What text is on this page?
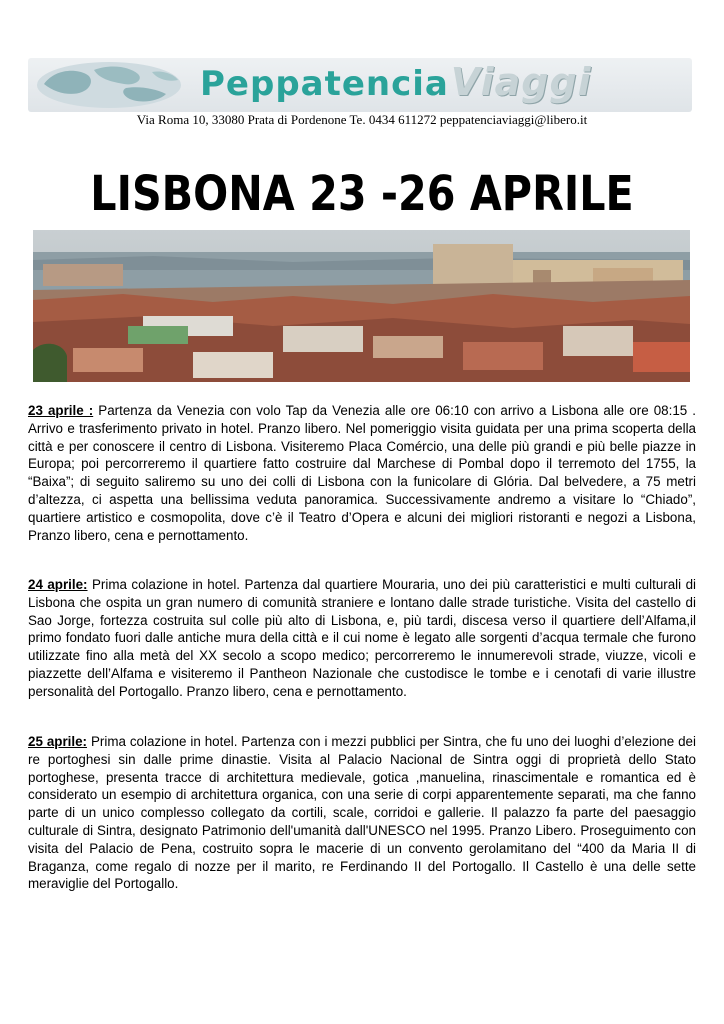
PeppatenciaViaggi
Via Roma 10, 33080 Prata di Pordenone Te. 0434 611272 peppatenciaviaggi@libero.it
LISBONA 23 -26 APRILE
23 aprile : Partenza da Venezia con volo Tap da Venezia alle ore 06:10 con arrivo a Lisbona alle ore 08:15 . Arrivo e trasferimento privato in hotel. Pranzo libero. Nel pomeriggio visita guidata per una prima scoperta della città e per conoscere il centro di Lisbona. Visiteremo Placa Comércio, una delle più grandi e più belle piazze in Europa; poi percorreremo il quartiere fatto costruire dal Marchese di Pombal dopo il terremoto del 1755, la “Baixa”; di seguito saliremo su uno dei colli di Lisbona con la funicolare di Glória. Dal belvedere, a 75 metri d’altezza, ci aspetta una bellissima veduta panoramica. Successivamente andremo a visitare lo “Chiado”, quartiere artistico e cosmopolita, dove c’è il Teatro d’Opera e alcuni dei migliori ristoranti e negozi a Lisbona, Pranzo libero, cena e pernottamento.
24 aprile: Prima colazione in hotel. Partenza dal quartiere Mouraria, uno dei più caratteristici e multi culturali di Lisbona che ospita un gran numero di comunità straniere e lontano dalle strade turistiche. Visita del castello di Sao Jorge, fortezza costruita sul colle più alto di Lisbona, e, più tardi, discesa verso il quartiere dell’Alfama,il primo fondato fuori dalle antiche mura della città e il cui nome è legato alle sorgenti d’acqua termale che furono utilizzate fino alla metà del XX secolo a scopo medico; percorreremo le innumerevoli strade, viuzze, vicoli e piazzette dell’Alfama e visiteremo il Pantheon Nazionale che custodisce le tombe e i cenotafi di varie illustre personalità del Portogallo. Pranzo libero, cena e pernottamento.
25 aprile: Prima colazione in hotel. Partenza con i mezzi pubblici per Sintra, che fu uno dei luoghi d’elezione dei re portoghesi sin dalle prime dinastie. Visita al Palacio Nacional de Sintra oggi di proprietà dello Stato portoghese, presenta tracce di architettura medievale, gotica ,manuelina, rinascimentale e romantica ed è considerato un esempio di architettura organica, con una serie di corpi apparentemente separati, ma che fanno parte di un unico complesso collegato da cortili, scale, corridoi e gallerie. Il palazzo fa parte del paesaggio culturale di Sintra, designato Patrimonio dell'umanità dall'UNESCO nel 1995. Pranzo Libero. Proseguimento con visita del Palacio de Pena, costruito sopra le macerie di un convento gerolamitano del “400 da Maria II di Braganza, come regalo di nozze per il marito, re Ferdinando II del Portogallo. Il Castello è una delle sette meraviglie del Portogallo.
